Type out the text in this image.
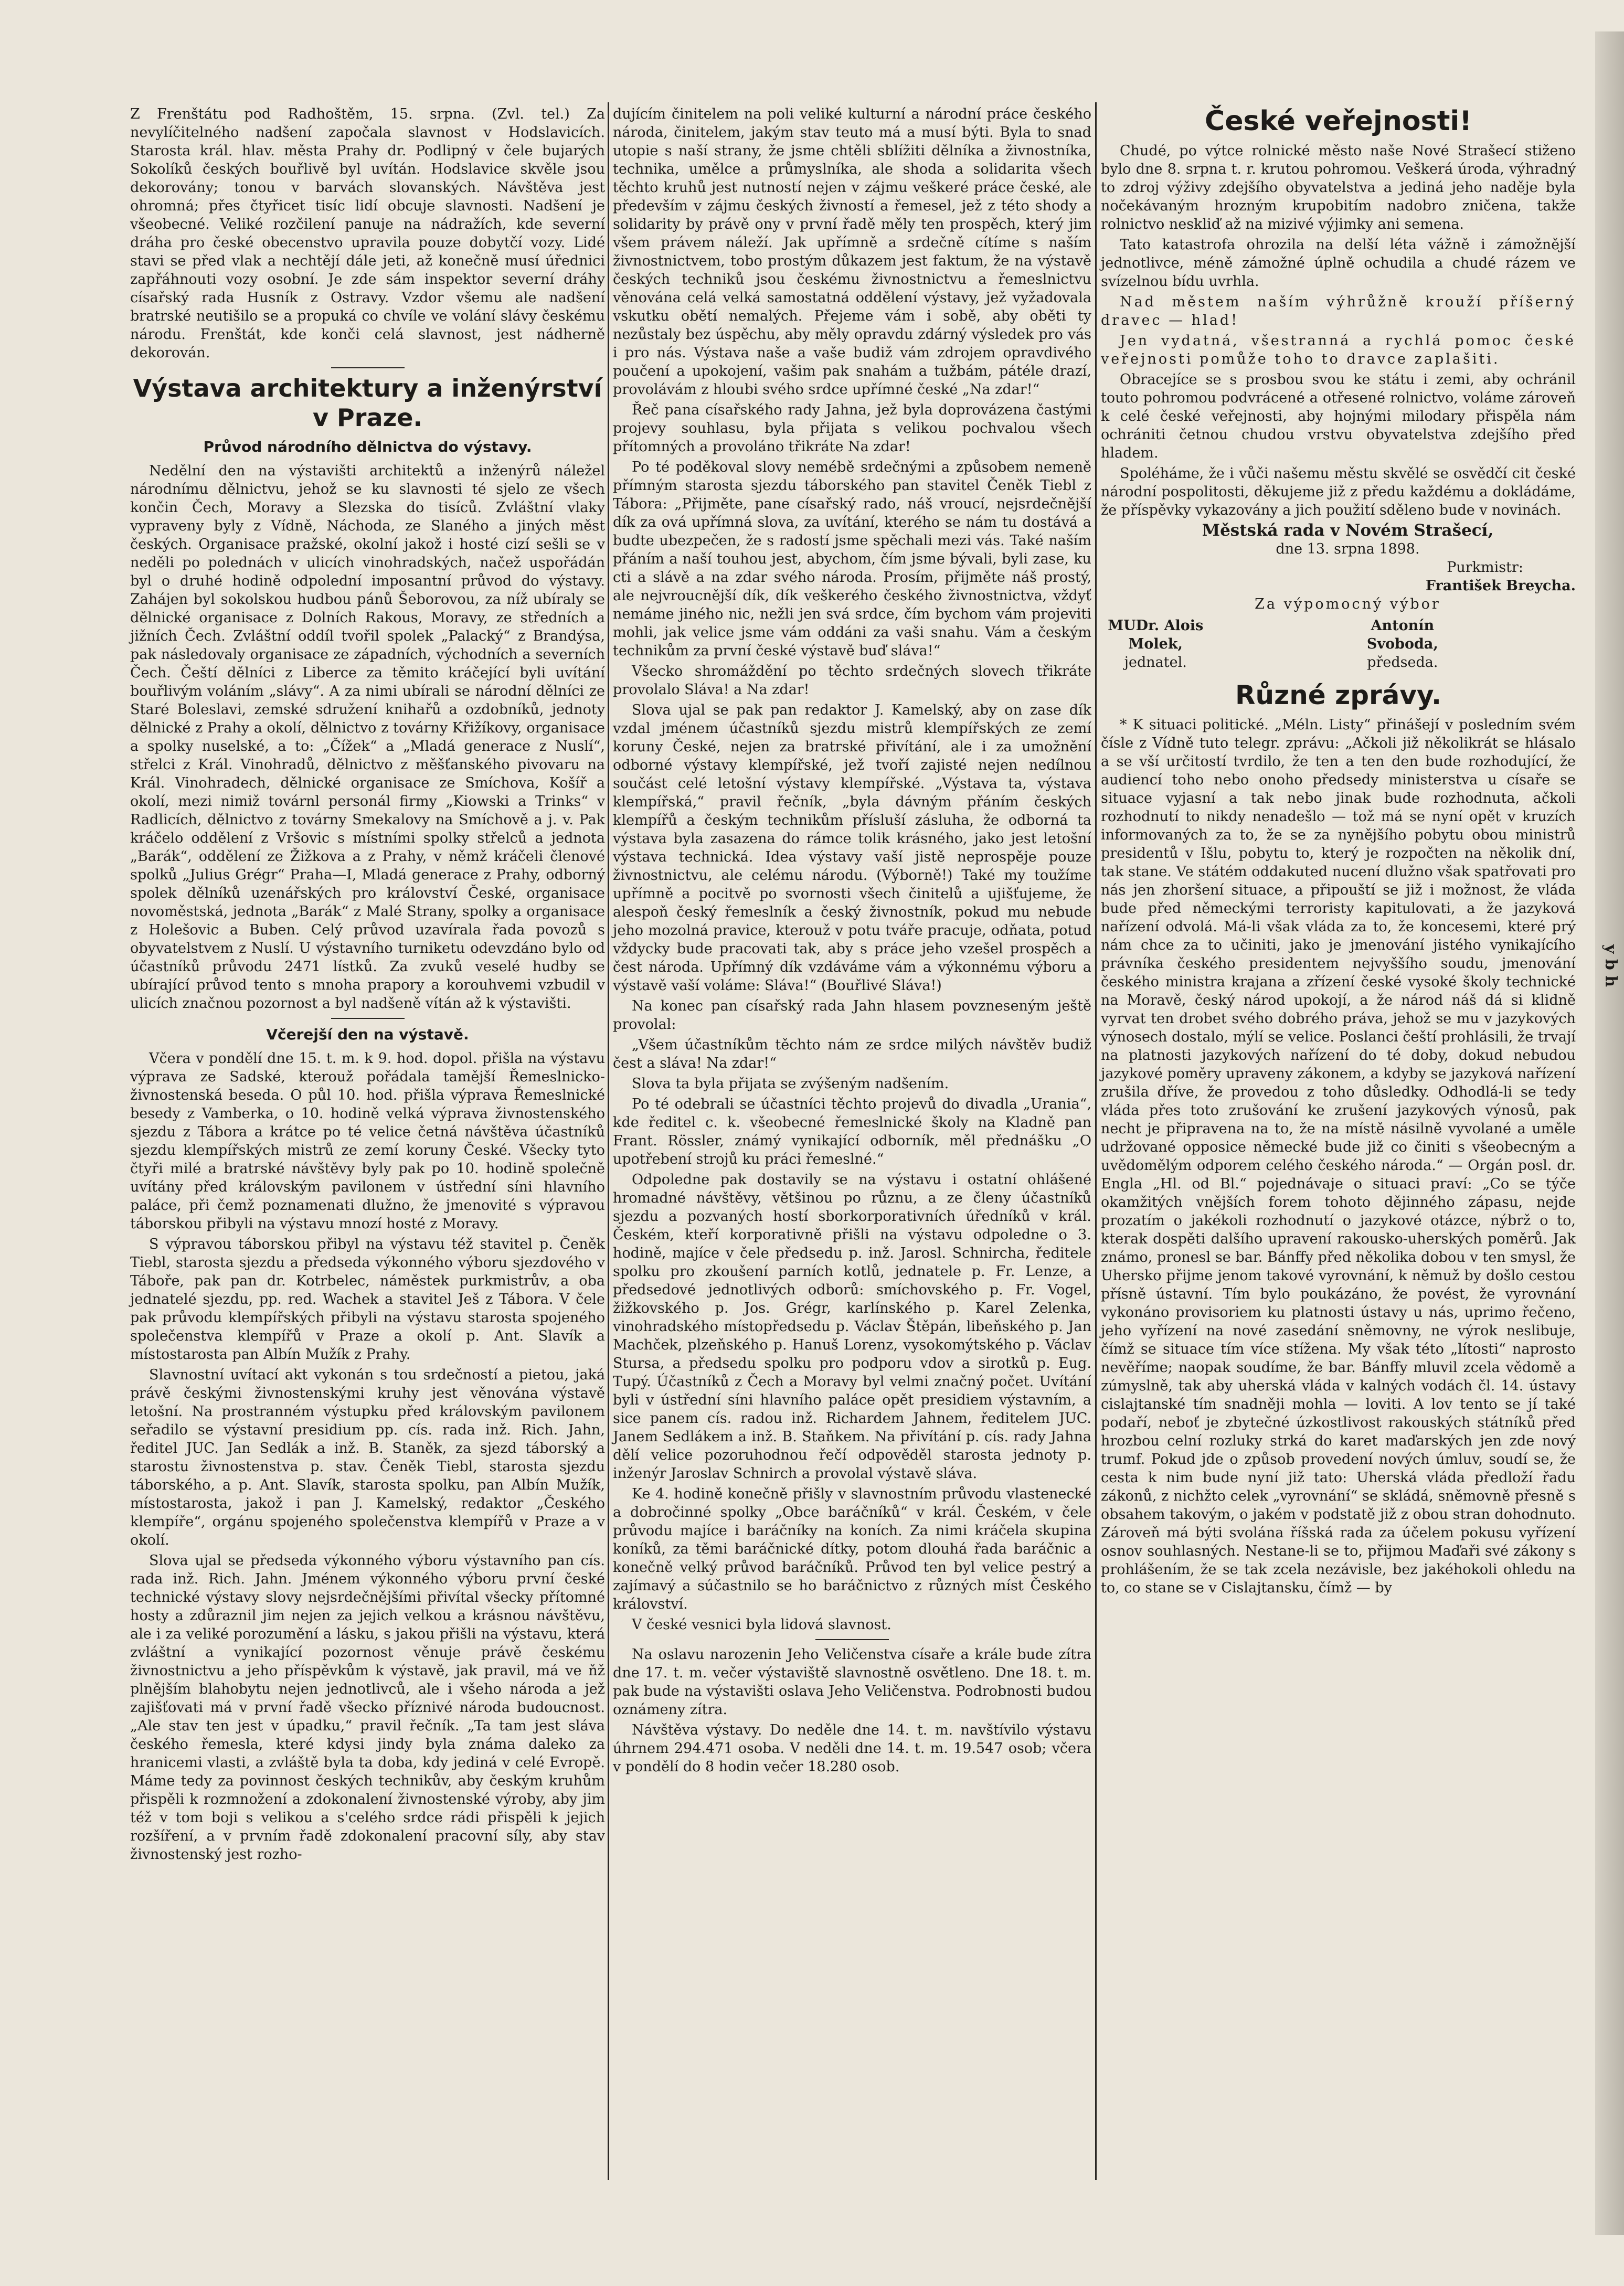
Z Frenštátu pod Radhoštěm, 15. srpna. (Zvl. tel.) Za nevylíčitelného nadšení započala slavnost v Hodslavicích. Starosta král. hlav. města Prahy dr. Podlipný v čele bujarých Sokolíků českých bouřlivě byl uvítán. Hodslavice skvěle jsou dekorovány; tonou v barvách slovanských. Návštěva jest ohromná; přes čtyřicet tisíc lidí obcuje slavnosti. Nadšení je všeobecné. Veliké rozčilení panuje na nádražích, kde severní dráha pro české obecenstvo upravila pouze dobytčí vozy. Lidé stavi se před vlak a nechtějí dále jeti, až konečně musí úřednici zapřáhnouti vozy osobní. Je zde sám inspektor severní dráhy císařský rada Husník z Ostravy. Vzdor všemu ale nadšení bratrské neutišilo se a propuká co chvíle ve volání slávy českému národu. Frenštát, kde konči celá slavnost, jest nádherně dekorován.

Výstava architektury a inženýrství v Praze.
Průvod národního dělnictva do výstavy.

Nedělní den na výstavišti architektů a inženýrů náležel národnímu dělnictvu, jehož se ku slavnosti té sjelo ze všech končin Čech, Moravy a Slezska do tisíců. Zvláštní vlaky vypraveny byly z Vídně, Náchoda, ze Slaného a jiných měst českých. Organisace pražské, okolní jakož i hosté cizí sešli se v neděli po polednách v ulicích vinohradských, načež uspořádán byl o druhé hodině odpolední imposantní průvod do výstavy. Zahájen byl sokolskou hudbou pánů Šeborovou, za níž ubíraly se dělnické organisace z Dolních Rakous, Moravy, ze středních a jižních Čech. Zvláštní oddíl tvořil spolek „Palacký“ z Brandýsa, pak následovaly organisace ze západních, východních a severních Čech. Čeští dělníci z Liberce za těmito kráčející byli uvítání bouřlivým voláním „slávy“. A za nimi ubírali se národní dělníci ze Staré Boleslavi, zemské sdružení knihařů a ozdobníků, jednoty dělnické z Prahy a okolí, dělnictvo z továrny Křižíkovy, organisace a spolky nuselské, a to: „Čížek“ a „Mladá generace z Nuslí“, střelci z Král. Vinohradů, dělnictvo z měšťanského pivovaru na Král. Vinohradech, dělnické organisace ze Smíchova, Košíř a okolí, mezi nimiž továrnl personál firmy „Kiowski a Trinks“ v Radlicích, dělnictvo z továrny Smekalovy na Smíchově a j. v. Pak kráčelo oddělení z Vršovic s místními spolky střelců a jednota „Barák“, oddělení ze Žižkova a z Prahy, v němž kráčeli členové spolků „Julius Grégr“ Praha—I, Mladá generace z Prahy, odborný spolek dělníků uzenářských pro království České, organisace novoměstská, jednota „Barák“ z Malé Strany, spolky a organisace z Holešovic a Buben. Celý průvod uzavírala řada povozů s obyvatelstvem z Nuslí. U výstavního turniketu odevzdáno bylo od účastníků průvodu 2471 lístků. Za zvuků veselé hudby se ubírající průvod tento s mnoha prapory a korouhvemi vzbudil v ulicích značnou pozornost a byl nadšeně vítán až k výstavišti.

Včerejší den na výstavě.

Včera v pondělí dne 15. t. m. k 9. hod. dopol. přišla na výstavu výprava ze Sadské, kterouž pořádala tamější Řemeslnicko-živnostenská beseda. O půl 10. hod. přišla výprava Řemeslnické besedy z Vamberka, o 10. hodině velká výprava živnostenského sjezdu z Tábora a krátce po té velice četná návštěva účastníků sjezdu klempířských mistrů ze zemí koruny České. Všecky tyto čtyři milé a bratrské návštěvy byly pak po 10. hodině společně uvítány před královským pavilonem v ústřední síni hlavního paláce, při čemž poznamenati dlužno, že jmenovité s výpravou táborskou přibyli na výstavu mnozí hosté z Moravy.

S výpravou táborskou přibyl na výstavu též stavitel p. Čeněk Tiebl, starosta sjezdu a předseda výkonného výboru sjezdového v Táboře, pak pan dr. Kotrbelec, náměstek purkmistrův, a oba jednatelé sjezdu, pp. red. Wachek a stavitel Ješ z Tábora. V čele pak průvodu klempířských přibyli na výstavu starosta spojeného společenstva klempířů v Praze a okolí p. Ant. Slavík a místostarosta pan Albín Mužík z Prahy.

Slavnostní uvítací akt vykonán s tou srdečností a pietou, jaká právě českými živnostenskými kruhy jest věnována výstavě letošní. Na prostranném výstupku před královským pavilonem seřadilo se výstavní presidium pp. cís. rada inž. Rich. Jahn, ředitel JUC. Jan Sedlák a inž. B. Staněk, za sjezd táborský a starostu živnostenstva p. stav. Čeněk Tiebl, starosta sjezdu táborského, a p. Ant. Slavík, starosta spolku, pan Albín Mužík, místostarosta, jakož i pan J. Kamelský, redaktor „Českého klempíře“, orgánu spojeného společenstva klempířů v Praze a v okolí.

Slova ujal se předseda výkonného výboru výstavního pan cís. rada inž. Rich. Jahn. Jménem výkonného výboru první české technické výstavy slovy nejsrdečnějšími přivítal všecky přítomné hosty a zdůraznil jim nejen za jejich velkou a krásnou návštěvu, ale i za veliké porozumění a lásku, s jakou přišli na výstavu, která zvláštní a vynikající pozornost věnuje právě českému živnostnictvu a jeho příspěvkům k výstavě, jak pravil, má ve ňž plnějším blahobytu nejen jednotlivců, ale i všeho národa a jež zajišťovati má v první řadě všecko příznivé národa budoucnost. „Ale stav ten jest v úpadku,“ pravil řečník. „Ta tam jest sláva českého řemesla, které kdysi jindy byla známa daleko za hranicemi vlasti, a zvláště byla ta doba, kdy jediná v celé Evropě. Máme tedy za povinnost českých technikův, aby českým kruhům přispěli k rozmnožení a zdokonalení živnostenské výroby, aby jim též v tom boji s velikou a s'celého srdce rádi přispěli k jejich rozšíření, a v prvním řadě zdokonalení pracovní síly, aby stav živnostenský jest rozho-

dujícím činitelem na poli veliké kulturní a národní práce českého národa, činitelem, jakým stav teuto má a musí býti. Byla to snad utopie s naší strany, že jsme chtěli sblížiti dělníka a živnostníka, technika, umělce a průmyslníka, ale shoda a solidarita všech těchto kruhů jest nutností nejen v zájmu veškeré práce české, ale především v zájmu českých živností a řemesel, jež z této shody a solidarity by právě ony v první řadě měly ten prospěch, který jim všem právem náleží. Jak upřímně a srdečně cítíme s naším živnostnictvem, tobo prostým důkazem jest faktum, že na výstavě českých techniků jsou českému živnostnictvu a řemeslnictvu věnována celá velká samostatná oddělení výstavy, jež vyžadovala vskutku obětí nemalých. Přejeme vám i sobě, aby oběti ty nezůstaly bez úspěchu, aby měly opravdu zdárný výsledek pro vás i pro nás. Výstava naše a vaše budiž vám zdrojem opravdivého poučení a upokojení, vašim pak snahám a tužbám, pátéle drazí, provolávám z hloubi svého srdce upřímné české „Na zdar!“

Řeč pana císařského rady Jahna, jež byla doprovázena častými projevy souhlasu, byla přijata s velikou pochvalou všech přítomných a provoláno třikráte Na zdar!

Po té poděkoval slovy nemébě srdečnými a způsobem nemeně přímným starosta sjezdu táborského pan stavitel Čeněk Tiebl z Tábora: „Přijměte, pane císařský rado, náš vroucí, nejsrdečnější dík za ová upřímná slova, za uvítání, kterého se nám tu dostává a budte ubezpečen, že s radostí jsme spěchali mezi vás. Také naším přáním a naší touhou jest, abychom, čím jsme bývali, byli zase, ku cti a slávě a na zdar svého národa. Prosím, přijměte náš prostý, ale nejvroucnější dík, dík veškerého českého živnostnictva, vždyť nemáme jiného nic, nežli jen svá srdce, čím bychom vám projeviti mohli, jak velice jsme vám oddáni za vaši snahu. Vám a českým technikům za první české výstavě buď sláva!“

Všecko shromáždění po těchto srdečných slovech třikráte provolalo Sláva! a Na zdar!

Slova ujal se pak pan redaktor J. Kamelský, aby on zase dík vzdal jménem účastníků sjezdu mistrů klempířských ze zemí koruny České, nejen za bratrské přivítání, ale i za umožnění odborné výstavy klempířské, jež tvoří zajisté nejen nedílnou součást celé letošní výstavy klempířské. „Výstava ta, výstava klempířská,“ pravil řečník, „byla dávným přáním českých klempířů a českým technikům přísluší zásluha, že odborná ta výstava byla zasazena do rámce tolik krásného, jako jest letošní výstava technická. Idea výstavy vaší jistě neprospěje pouze živnostnictvu, ale celému národu. (Výborně!) Také my toužíme upřímně a pocitvě po svornosti všech činitelů a ujišťujeme, že alespoň český řemeslník a český živnostník, pokud mu nebude jeho mozolná pravice, kterouž v potu tváře pracuje, odňata, potud vždycky bude pracovati tak, aby s práce jeho vzešel prospěch a čest národa. Upřímný dík vzdáváme vám a výkonnému výboru a výstavě vaší voláme: Sláva!“ (Bouřlivé Sláva!)

Na konec pan císařský rada Jahn hlasem povzneseným ještě provolal:

„Všem účastníkům těchto nám ze srdce milých návštěv budiž čest a sláva! Na zdar!“

Slova ta byla přijata se zvýšeným nadšením.

Po té odebrali se účastníci těchto projevů do divadla „Urania“, kde ředitel c. k. všeobecné řemeslnické školy na Kladně pan Frant. Rössler, známý vynikající odborník, měl přednášku „O upotřebení strojů ku práci řemeslné.“

Odpoledne pak dostavily se na výstavu i ostatní ohlášené hromadné návštěvy, většinou po různu, a ze členy účastníků sjezdu a pozvaných hostí sborkorporativních úředníků v král. Českém, kteří korporativně přišli na výstavu odpoledne o 3. hodině, majíce v čele předsedu p. inž. Jarosl. Schnircha, ředitele spolku pro zkoušení parních kotlů, jednatele p. Fr. Lenze, a předsedové jednotlivých odborů: smíchovského p. Fr. Vogel, žižkovského p. Jos. Grégr, karlínského p. Karel Zelenka, vinohradského místopředsedu p. Václav Štěpán, libeňského p. Jan Machček, plzeňského p. Hanuš Lorenz, vysokomýtského p. Václav Stursa, a předsedu spolku pro podporu vdov a sirotků p. Eug. Tupý. Účastníků z Čech a Moravy byl velmi značný počet. Uvítání byli v ústřední síni hlavního paláce opět presidiem výstavním, a sice panem cís. radou inž. Richardem Jahnem, ředitelem JUC. Janem Sedlákem a inž. B. Staňkem. Na přivítání p. cís. rady Jahna dělí velice pozoruhodnou řečí odpověděl starosta jednoty p. inženýr Jaroslav Schnirch a provolal výstavě sláva.

Ke 4. hodině konečně přišly v slavnostním průvodu vlastenecké a dobročinné spolky „Obce baráčníků“ v král. Českém, v čele průvodu majíce i baráčníky na koních. Za nimi kráčela skupina koníků, za těmi baráčnické dítky, potom dlouhá řada baráčnic a konečně velký průvod baráčníků. Průvod ten byl velice pestrý a zajímavý a súčastnilo se ho baráčnictvo z různých míst Českého království.

V české vesnici byla lidová slavnost.

Na oslavu narozenin Jeho Veličenstva císaře a krále bude zítra dne 17. t. m. večer výstaviště slavnostně osvětleno. Dne 18. t. m. pak bude na výstavišti oslava Jeho Veličenstva. Podrobnosti budou oznámeny zítra.

Návštěva výstavy. Do neděle dne 14. t. m. navštívilo výstavu úhrnem 294.471 osoba. V neděli dne 14. t. m. 19.547 osob; včera v pondělí do 8 hodin večer 18.280 osob.

České veřejnosti!

Chudé, po výtce rolnické město naše Nové Strašecí stiženo bylo dne 8. srpna t. r. krutou pohromou. Veškerá úroda, výhradný to zdroj výživy zdejšího obyvatelstva a jediná jeho naděje byla nočekávaným hrozným krupobitím nadobro zničena, takže rolnictvo neskliď až na mizivé výjimky ani semena.

Tato katastrofa ohrozila na delší léta vážně i zámožnější jednotlivce, méně zámožné úplně ochudila a chudé rázem ve svízelnou bídu uvrhla.

Nad městem naším výhrůžně krouží příšerný dravec — hlad!

Jen vydatná, všestranná a rychlá pomoc české veřejnosti pomůže toho to dravce zaplašiti.

Obracejíce se s prosbou svou ke státu i zemi, aby ochránil touto pohromou podvrácené a otřesené rolnictvo, voláme zároveň k celé české veřejnosti, aby hojnými milodary přispěla nám ochrániti četnou chudou vrstvu obyvatelstva zdejšího před hladem.

Spoléháme, že i vůči našemu městu skvělé se osvědčí cit české národní pospolitosti, děkujeme již z předu každému a dokládáme, že příspěvky vykazovány a jich použití sděleno bude v novinách.

Městská rada v Novém Strašecí,

dne 13. srpna 1898.

Purkmistr:

František Breycha.

Za výpomocný výbor

MUDr. Alois Molek,
jednatel.
Antonín Svoboda,
předseda.
Různé zprávy.

* K situaci politické. „Méln. Listy“ přinášejí v posledním svém čísle z Vídně tuto telegr. zprávu: „Ačkoli již několikrát se hlásalo a se vší určitostí tvrdilo, že ten a ten den bude rozhodující, že audiencí toho nebo onoho předsedy ministerstva u císaře se situace vyjasní a tak nebo jinak bude rozhodnuta, ačkoli rozhodnutí to nikdy nenadešlo — tož má se nyní opět v kruzích informovaných za to, že se za nynějšího pobytu obou ministrů presidentů v Išlu, pobytu to, který je rozpočten na několik dní, tak stane. Ve státém oddakuted nucení dlužno však spatřovati pro nás jen zhoršení situace, a připouští se již i možnost, že vláda bude před německými terroristy kapitulovati, a že jazyková nařízení odvolá. Má-li však vláda za to, že koncesemi, které prý nám chce za to učiniti, jako je jmenování jistého vynikajícího právníka českého presidentem nejvyššího soudu, jmenování českého ministra krajana a zřízení české vysoké školy technické na Moravě, český národ upokojí, a že národ náš dá si klidně vyrvat ten drobet svého dobrého práva, jehož se mu v jazykových výnosech dostalo, mýlí se velice. Poslanci čeští prohlásili, že trvají na platnosti jazykových nařízení do té doby, dokud nebudou jazykové poměry upraveny zákonem, a kdyby se jazyková nařízení zrušila dříve, že provedou z toho důsledky. Odhodlá-li se tedy vláda přes toto zrušování ke zrušení jazykových výnosů, pak necht je připravena na to, že na místě násilně vyvolané a uměle udržované opposice německé bude již co činiti s všeobecným a uvědomělým odporem celého českého národa.“ — Orgán posl. dr. Engla „Hl. od Bl.“ pojednávaje o situaci praví: „Co se týče okamžitých vnějších forem tohoto dějinného zápasu, nejde prozatím o jakékoli rozhodnutí o jazykové otázce, nýbrž o to, kterak dospěti dalšího upravení rakousko-uherských poměrů. Jak známo, pronesl se bar. Bánffy před několika dobou v ten smysl, že Uhersko přijme jenom takové vyrovnání, k němuž by došlo cestou přísně ústavní. Tím bylo poukázáno, že povést, že vyrovnání vykonáno provisoriem ku platnosti ústavy u nás, uprimo řečeno, jeho vyřízení na nové zasedání sněmovny, ne výrok neslibuje, čímž se situace tím více stížena. My však této „lítosti“ naprosto nevěříme; naopak soudíme, že bar. Bánffy mluvil zcela vědomě a zúmyslně, tak aby uherská vláda v kalných vodách čl. 14. ústavy cislajtanské tím snadněji mohla — loviti. A lov tento se jí také podaří, neboť je zbytečné úzkostlivost rakouských státníků před hrozbou celní rozluky strká do karet maďarských jen zde nový trumf. Pokud jde o způsob provedení nových úmluv, soudí se, že cesta k nim bude nyní již tato: Uherská vláda předloží řadu zákonů, z nichžto celek „vyrovnání“ se skládá, sněmovně přesně s obsahem takovým, o jakém v podstatě již z obou stran dohodnuto. Zároveň má býti svolána říšská rada za účelem pokusu vyřízení osnov souhlasných. Nestane-li se to, přijmou Maďaři své zákony s prohlášením, že se tak zcela nezávisle, bez jakéhokoli ohledu na to, co stane se v Cislajtansku, čímž — by

y b h
